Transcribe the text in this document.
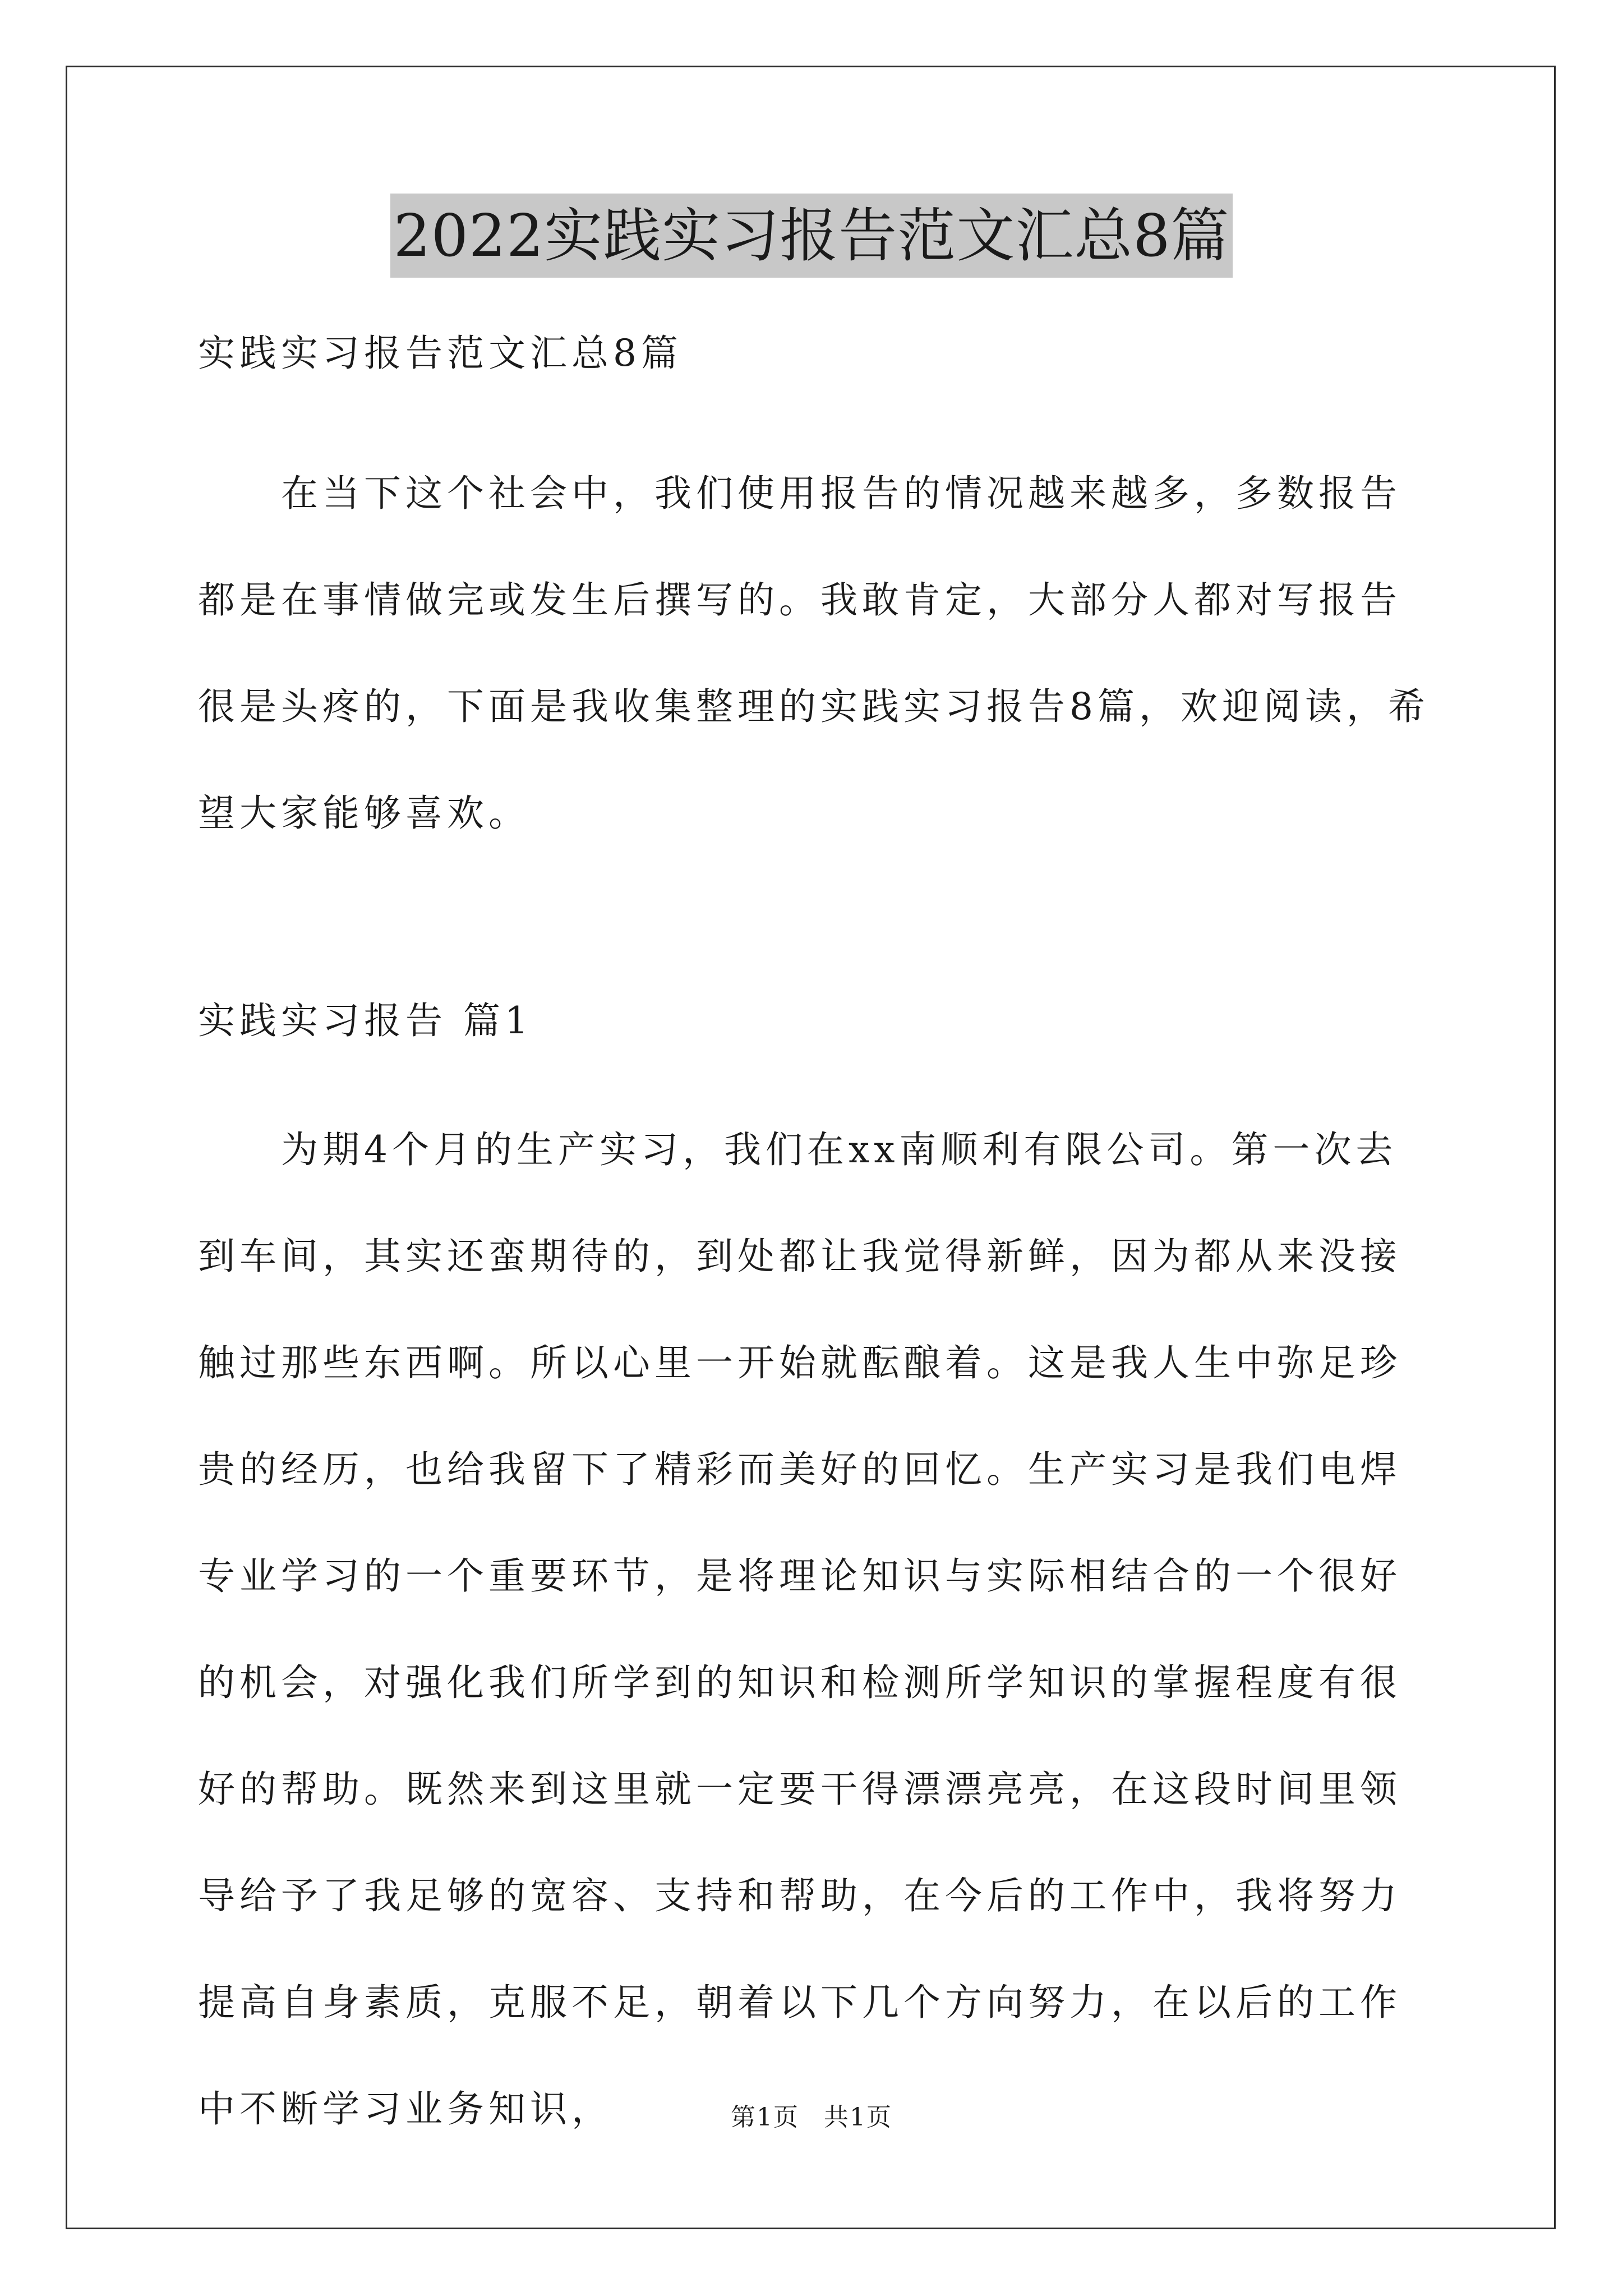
2022实践实习报告范文汇总8篇
实践实习报告范文汇总8篇

在当下这个社会中，我们使用报告的情况越来越多，多数报告都是在事情做完或发生后撰写的。我敢肯定，大部分人都对写报告很是头疼的，下面是我收集整理的实践实习报告8篇，欢迎阅读，希望大家能够喜欢。

实践实习报告 篇1

为期4个月的生产实习，我们在xx南顺利有限公司。第一次去到车间，其实还蛮期待的，到处都让我觉得新鲜，因为都从来没接触过那些东西啊。所以心里一开始就酝酿着。这是我人生中弥足珍贵的经历，也给我留下了精彩而美好的回忆。生产实习是我们电焊专业学习的一个重要环节，是将理论知识与实际相结合的一个很好的机会，对强化我们所学到的知识和检测所学知识的掌握程度有很好的帮助。既然来到这里就一定要干得漂漂亮亮，在这段时间里领导给予了我足够的宽容、支持和帮助，在今后的工作中，我将努力提高自身素质，克服不足，朝着以下几个方向努力，在以后的工作中不断学习业务知识，	第1页 共1页
